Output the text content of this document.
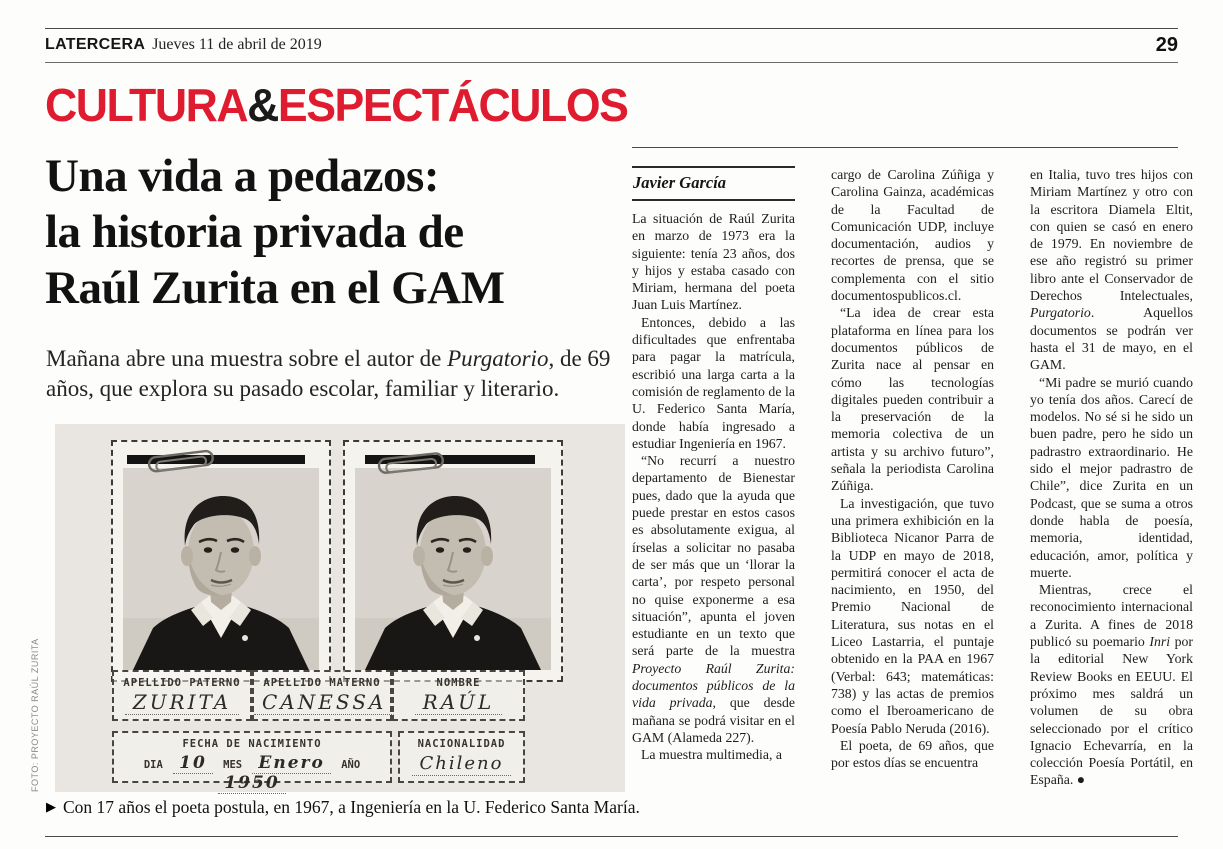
LATERCERA Jueves 11 de abril de 2019	29
CULTURA&ESPECTÁCULOS
Una vida a pedazos:
la historia privada de
Raúl Zurita en el GAM
Mañana abre una muestra sobre el autor de Purgatorio, de 69 años, que explora su pasado escolar, familiar y literario.
FOTO: PROYECTO RAÚL ZURITA	APELLIDO PATERNO
ZURITA
APELLIDO MATERNO
CANESSA
NOMBRE
RAÚL
FECHA DE NACIMIENTO
DIA 10 MES Enero AÑO 1950
NACIONALIDAD
Chileno
▶ Con 17 años el poeta postula, en 1967, a Ingeniería en la U. Federico Santa María.
Javier García

La situación de Raúl Zurita en marzo de 1973 era la siguiente: tenía 23 años, dos y hijos y estaba casado con Miriam, hermana del poeta Juan Luis Martínez.

Entonces, debido a las dificultades que enfrentaba para pagar la matrícula, escribió una larga carta a la comisión de reglamento de la U. Federico Santa María, donde había ingresado a estudiar Ingeniería en 1967.

“No recurrí a nuestro departamento de Bienestar pues, dado que la ayuda que puede prestar en estos casos es absolutamente exigua, al írselas a solicitar no pasaba de ser más que un ‘llorar la carta’, por respeto personal no quise exponerme a esa situación”, apunta el joven estudiante en un texto que será parte de la muestra Proyecto Raúl Zurita: documentos públicos de la vida privada, que desde mañana se podrá visitar en el GAM (Alameda 227).

La muestra multimedia, a

cargo de Carolina Zúñiga y Carolina Gainza, académicas de la Facultad de Comunicación UDP, incluye documentación, audios y recortes de prensa, que se complementa con el sitio documentospublicos.cl.

“La idea de crear esta plataforma en línea para los documentos públicos de Zurita nace al pensar en cómo las tecnologías digitales pueden contribuir a la preservación de la memoria colectiva de un artista y su archivo futuro”, señala la periodista Carolina Zúñiga.

La investigación, que tuvo una primera exhibición en la Biblioteca Nicanor Parra de la UDP en mayo de 2018, permitirá conocer el acta de nacimiento, en 1950, del Premio Nacional de Literatura, sus notas en el Liceo Lastarria, el puntaje obtenido en la PAA en 1967 (Verbal: 643; matemáticas: 738) y las actas de premios como el Iberoamericano de Poesía Pablo Neruda (2016).

El poeta, de 69 años, que por estos días se encuentra

en Italia, tuvo tres hijos con Miriam Martínez y otro con la escritora Diamela Eltit, con quien se casó en enero de 1979. En noviembre de ese año registró su primer libro ante el Conservador de Derechos Intelectuales, Purgatorio. Aquellos documentos se podrán ver hasta el 31 de mayo, en el GAM.

“Mi padre se murió cuando yo tenía dos años. Carecí de modelos. No sé si he sido un buen padre, pero he sido un padrastro extraordinario. He sido el mejor padrastro de Chile”, dice Zurita en un Podcast, que se suma a otros donde habla de poesía, memoria, identidad, educación, amor, política y muerte.

Mientras, crece el reconocimiento internacional a Zurita. A fines de 2018 publicó su poemario Inri por la editorial New York Review Books en EEUU. El próximo mes saldrá un volumen de su obra seleccionado por el crítico Ignacio Echevarría, en la colección Poesía Portátil, en España. ●
